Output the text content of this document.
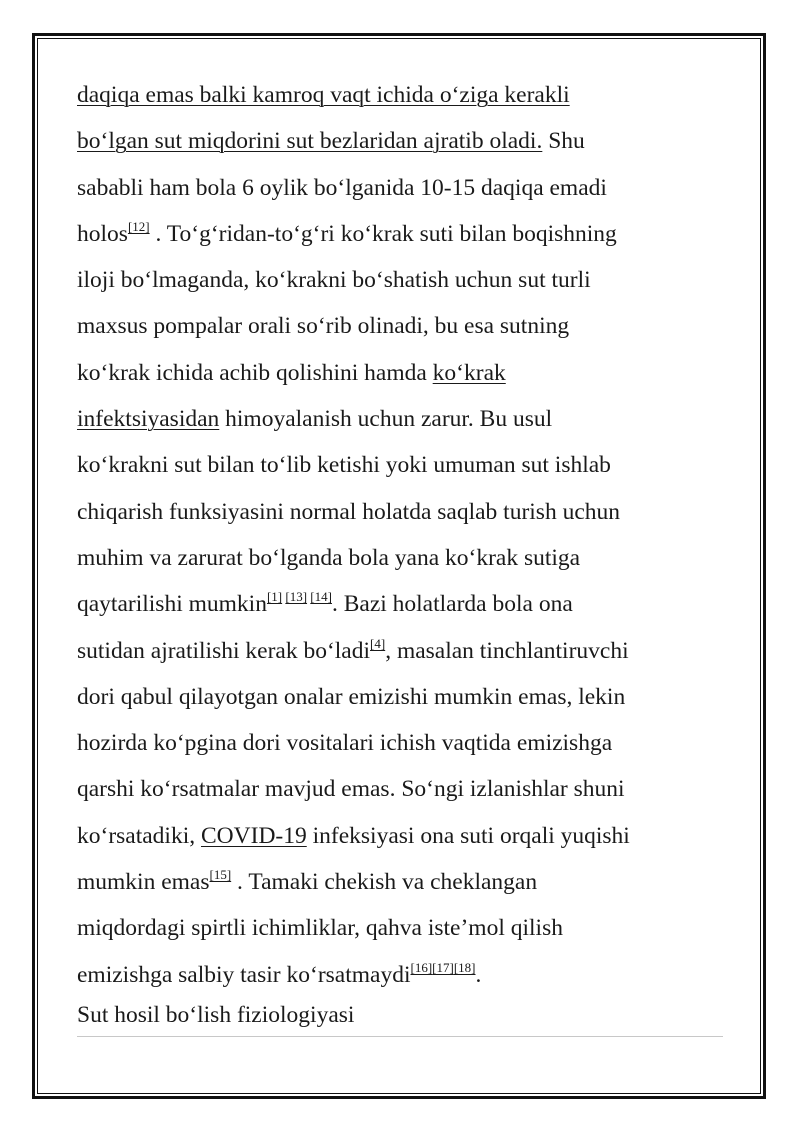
daqiqa emas balki kamroq vaqt ichida o‘ziga kerakli
bo‘lgan sut miqdorini sut bezlaridan ajratib oladi. Shu
sababli ham bola 6 oylik bo‘lganida 10-15 daqiqa emadi
holos[12] . To‘g‘ridan-to‘g‘ri ko‘krak suti bilan boqishning
iloji bo‘lmaganda, ko‘krakni bo‘shatish uchun sut turli
maxsus pompalar orali so‘rib olinadi, bu esa sutning
ko‘krak ichida achib qolishini hamda ko‘krak
infektsiyasidan himoyalanish uchun zarur. Bu usul
ko‘krakni sut bilan to‘lib ketishi yoki umuman sut ishlab
chiqarish funksiyasini normal holatda saqlab turish uchun
muhim va zarurat bo‘lganda bola yana ko‘krak sutiga
qaytarilishi mumkin[1] [13] [14]. Bazi holatlarda bola ona
sutidan ajratilishi kerak bo‘ladi[4], masalan tinchlantiruvchi
dori qabul qilayotgan onalar emizishi mumkin emas, lekin
hozirda ko‘pgina dori vositalari ichish vaqtida emizishga
qarshi ko‘rsatmalar mavjud emas. So‘ngi izlanishlar shuni
ko‘rsatadiki, COVID-19 infeksiyasi ona suti orqali yuqishi
mumkin emas[15] . Tamaki chekish va cheklangan
miqdordagi spirtli ichimliklar, qahva iste’mol qilish
emizishga salbiy tasir ko‘rsatmaydi[16][17][18].
Sut hosil bo‘lish fiziologiyasi
